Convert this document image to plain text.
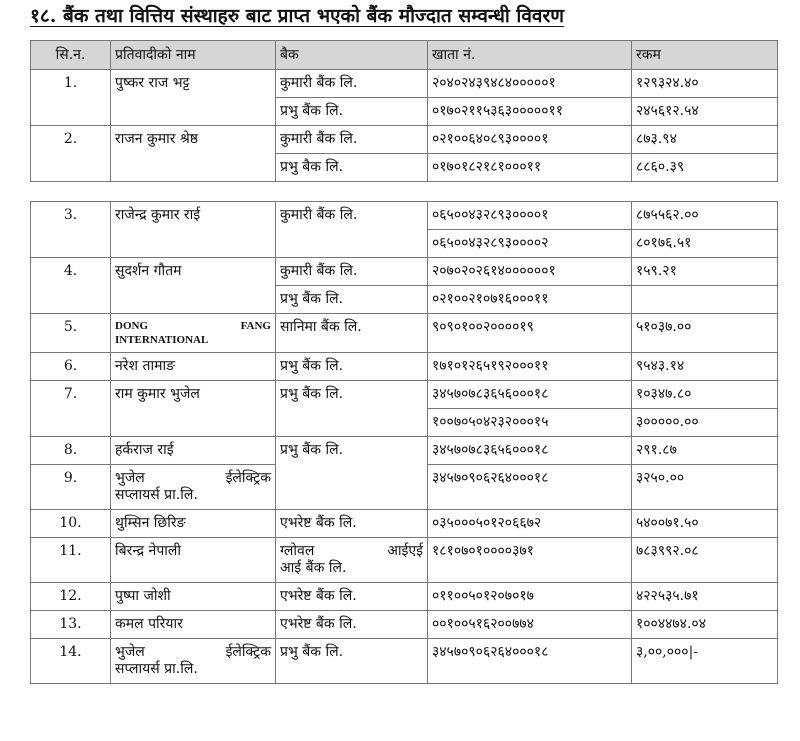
१८. बैंक तथा वित्तिय संस्थाहरु बाट प्राप्त भएको बैंक मौज्दात सम्वन्धी विवरण
सि.न.	प्रतिवादीको नाम	बैक	खाता नं.	रकम
1.	पुष्कर राज भट्ट	कुमारी बैंक लि.	२०४०२४३९४८४०००००१	१२९३२४.४०
		प्रभु बैंक लि.	०१७०२११५३६३०००००११	२४५६१२.५४
2.	राजन कुमार श्रेष्ठ	कुमारी बैंक लि.	०२१००६४०८९३००००१	८७३.९४
		प्रभु बैक लि.	०१७०१८२१८१०००११	८८६०.३९
3.	राजेन्द्र कुमार राई	कुमारी बैंक लि.	०६५००४३२८९३००००१	८७५५६२.००
			०६५००४३२८९३००००२	८०१७६.५१
4.	सुदर्शन गौतम	कुमारी बैंक लि.	२०७०२०२६१४००००००१	१५९.२१
		प्रभु बैंक लि.	०२१००२१०७१६०००११	
5.	DONG FANG
INTERNATIONAL	सानिमा बैंक लि.	९०९०१००२००००१९	५१०३७.००
6.	नरेश तामाङ	प्रभु बैंक लि.	१७१०१२६५१९२०००११	९५४३.१४
7.	राम कुमार भुजेल	प्रभु बैंक लि.	३४५७०७८३६५६०००१८	१०३४७.८०
			१००७०५०४२३२०००१५	३०००००.००
8.	हर्कराज राई	प्रभु बैंक लि.	३४५७०७८३६५६०००१८	२९१.८७
9.	भुजेल ईलेक्ट्रिक
सप्लायर्स प्रा.लि.		३४५७०९०६२६४०००१८	३२५०.००
10.	थुम्सिन छिरिङ	एभरेष्ट बैंक लि.	०३५०००५०१२०६६७२	५४००७१.५०
11.	बिरन्द्र नेपाली	ग्लोवल आईएई
आई बैंक लि.	१८१०७०१००००३७१	७८३९९२.०८
12.	पुष्पा जोशी	एभरेष्ट बैंक लि.	०११००५०१२०७०१७	४२२५३५.७१
13.	कमल परियार	एभरेष्ट बैंक लि.	००१००५१६२००७७४	१००४४७४.०४
14.	भुजेल ईलेक्ट्रिक
सप्लायर्स प्रा.लि.	प्रभु बैंक लि.	३४५७०९०६२६४०००१८	३,००,०००|-
